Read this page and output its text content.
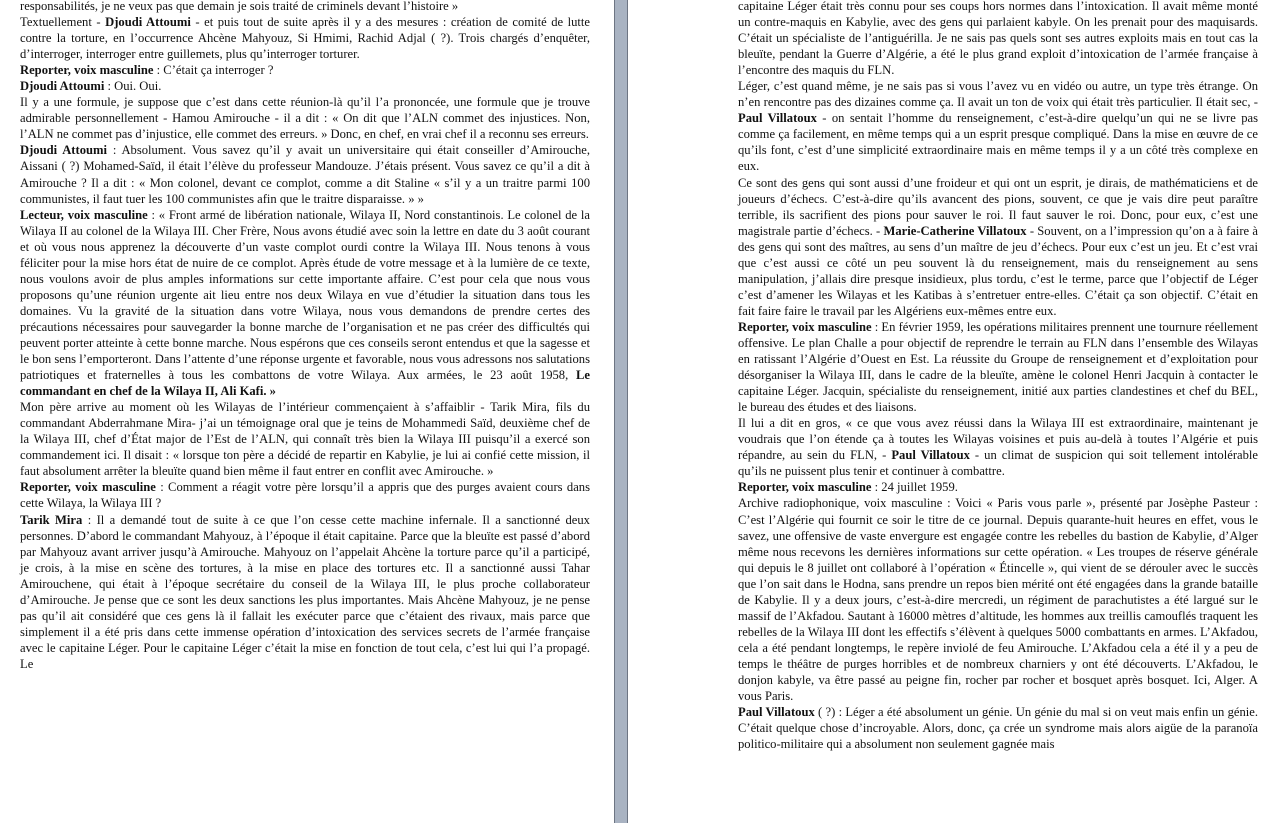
responsabilités, je ne veux pas que demain je sois traité de criminels devant l’histoire »

Textuellement - Djoudi Attoumi - et puis tout de suite après il y a des mesures : création de comité de lutte contre la torture, en l’occurrence Ahcène Mahyouz, Si Hmimi, Rachid Adjal ( ?). Trois chargés d’enquêter, d’interroger, interroger entre guillemets, plus qu’interroger torturer.

Reporter, voix masculine : C’était ça interroger ?

Djoudi Attoumi : Oui. Oui.

Il y a une formule, je suppose que c’est dans cette réunion-là qu’il l’a prononcée, une formule que je trouve admirable personnellement - Hamou Amirouche - il a dit : « On dit que l’ALN commet des injustices. Non, l’ALN ne commet pas d’injustice, elle commet des erreurs. » Donc, en chef, en vrai chef il a reconnu ses erreurs.

Djoudi Attoumi : Absolument. Vous savez qu’il y avait un universitaire qui était conseiller d’Amirouche, Aissani ( ?) Mohamed-Saïd, il était l’élève du professeur Mandouze. J’étais présent. Vous savez ce qu’il a dit à Amirouche ? Il a dit : « Mon colonel, devant ce complot, comme a dit Staline « s’il y a un traitre parmi 100 communistes, il faut tuer les 100 communistes afin que le traitre disparaisse. » »

Lecteur, voix masculine : « Front armé de libération nationale, Wilaya II, Nord constantinois. Le colonel de la Wilaya II au colonel de la Wilaya III. Cher Frère, Nous avons étudié avec soin la lettre en date du 3 août courant et où vous nous apprenez la découverte d’un vaste complot ourdi contre la Wilaya III. Nous tenons à vous féliciter pour la mise hors état de nuire de ce complot. Après étude de votre message et à la lumière de ce texte, nous voulons avoir de plus amples informations sur cette importante affaire. C’est pour cela que nous vous proposons qu’une réunion urgente ait lieu entre nos deux Wilaya en vue d’étudier la situation dans tous les domaines. Vu la gravité de la situation dans votre Wilaya, nous vous demandons de prendre certes des précautions nécessaires pour sauvegarder la bonne marche de l’organisation et ne pas créer des difficultés qui peuvent porter atteinte à cette bonne marche. Nous espérons que ces conseils seront entendus et que la sagesse et le bon sens l’emporteront. Dans l’attente d’une réponse urgente et favorable, nous vous adressons nos salutations patriotiques et fraternelles à tous les combattons de votre Wilaya. Aux armées, le 23 août 1958, Le commandant en chef de la Wilaya II, Ali Kafi. »

Mon père arrive au moment où les Wilayas de l’intérieur commençaient à s’affaiblir - Tarik Mira, fils du commandant Abderrahmane Mira- j’ai un témoignage oral que je teins de Mohammedi Saïd, deuxième chef de la Wilaya III, chef d’État major de l’Est de l’ALN, qui connaît très bien la Wilaya III puisqu’il a exercé son commandement ici. Il disait : « lorsque ton père a décidé de repartir en Kabylie, je lui ai confié cette mission, il faut absolument arrêter la bleuïte quand bien même il faut entrer en conflit avec Amirouche. »

Reporter, voix masculine : Comment a réagit votre père lorsqu’il a appris que des purges avaient cours dans cette Wilaya, la Wilaya III ?

Tarik Mira : Il a demandé tout de suite à ce que l’on cesse cette machine infernale. Il a sanctionné deux personnes. D’abord le commandant Mahyouz, à l’époque il était capitaine. Parce que la bleuïte est passé d’abord par Mahyouz avant arriver jusqu’à Amirouche. Mahyouz on l’appelait Ahcène la torture parce qu’il a participé, je crois, à la mise en scène des tortures, à la mise en place des tortures etc. Il a sanctionné aussi Tahar Amirouchene, qui était à l’époque secrétaire du conseil de la Wilaya III, le plus proche collaborateur d’Amirouche. Je pense que ce sont les deux sanctions les plus importantes. Mais Ahcène Mahyouz, je ne pense pas qu’il ait considéré que ces gens là il fallait les exécuter parce que c’étaient des rivaux, mais parce que simplement il a été pris dans cette immense opération d’intoxication des services secrets de l’armée française avec le capitaine Léger. Pour le capitaine Léger c’était la mise en fonction de tout cela, c’est lui qui l’a propagé. Le

capitaine Léger était très connu pour ses coups hors normes dans l’intoxication. Il avait même monté un contre-maquis en Kabylie, avec des gens qui parlaient kabyle. On les prenait pour des maquisards. C’était un spécialiste de l’antiguérilla. Je ne sais pas quels sont ses autres exploits mais en tout cas la bleuïte, pendant la Guerre d’Algérie, a été le plus grand exploit d’intoxication de l’armée française à l’encontre des maquis du FLN.

Léger, c’est quand même, je ne sais pas si vous l’avez vu en vidéo ou autre, un type très étrange. On n’en rencontre pas des dizaines comme ça. Il avait un ton de voix qui était très particulier. Il était sec, - Paul Villatoux - on sentait l’homme du renseignement, c’est-à-dire quelqu’un qui ne se livre pas comme ça facilement, en même temps qui a un esprit presque compliqué. Dans la mise en œuvre de ce qu’ils font, c’est d’une simplicité extraordinaire mais en même temps il y a un côté très complexe en eux.

Ce sont des gens qui sont aussi d’une froideur et qui ont un esprit, je dirais, de mathématiciens et de joueurs d’échecs. C’est-à-dire qu’ils avancent des pions, souvent, ce que je vais dire peut paraître terrible, ils sacrifient des pions pour sauver le roi. Il faut sauver le roi. Donc, pour eux, c’est une magistrale partie d’échecs. - Marie-Catherine Villatoux - Souvent, on a l’impression qu’on a à faire à des gens qui sont des maîtres, au sens d’un maître de jeu d’échecs. Pour eux c’est un jeu. Et c’est vrai que c’est aussi ce côté un peu souvent là du renseignement, mais du renseignement au sens manipulation, j’allais dire presque insidieux, plus tordu, c’est le terme, parce que l’objectif de Léger c’est d’amener les Wilayas et les Katibas à s’entretuer entre-elles. C’était ça son objectif. C’était en fait faire faire le travail par les Algériens eux-mêmes entre eux.

Reporter, voix masculine : En février 1959, les opérations militaires prennent une tournure réellement offensive. Le plan Challe a pour objectif de reprendre le terrain au FLN dans l’ensemble des Wilayas en ratissant l’Algérie d’Ouest en Est. La réussite du Groupe de renseignement et d’exploitation pour désorganiser la Wilaya III, dans le cadre de la bleuïte, amène le colonel Henri Jacquin à contacter le capitaine Léger. Jacquin, spécialiste du renseignement, initié aux parties clandestines et chef du BEL, le bureau des études et des liaisons.

Il lui a dit en gros, « ce que vous avez réussi dans la Wilaya III est extraordinaire, maintenant je voudrais que l’on étende ça à toutes les Wilayas voisines et puis au-delà à toutes l’Algérie et puis répandre, au sein du FLN, - Paul Villatoux - un climat de suspicion qui soit tellement intolérable qu’ils ne puissent plus tenir et continuer à combattre.

Reporter, voix masculine : 24 juillet 1959.

Archive radiophonique, voix masculine : Voici « Paris vous parle », présenté par Josèphe Pasteur : C’est l’Algérie qui fournit ce soir le titre de ce journal. Depuis quarante-huit heures en effet, vous le savez, une offensive de vaste envergure est engagée contre les rebelles du bastion de Kabylie, d’Alger même nous recevons les dernières informations sur cette opération. « Les troupes de réserve générale qui depuis le 8 juillet ont collaboré à l’opération « Étincelle », qui vient de se dérouler avec le succès que l’on sait dans le Hodna, sans prendre un repos bien mérité ont été engagées dans la grande bataille de Kabylie. Il y a deux jours, c’est-à-dire mercredi, un régiment de parachutistes a été largué sur le massif de l’Akfadou. Sautant à 16000 mètres d’altitude, les hommes aux treillis camouflés traquent les rebelles de la Wilaya III dont les effectifs s’élèvent à quelques 5000 combattants en armes. L’Akfadou, cela a été pendant longtemps, le repère inviolé de feu Amirouche. L’Akfadou cela a été il y a peu de temps le théâtre de purges horribles et de nombreux charniers y ont été découverts. L’Akfadou, le donjon kabyle, va être passé au peigne fin, rocher par rocher et bosquet après bosquet. Ici, Alger. A vous Paris.

Paul Villatoux ( ?) : Léger a été absolument un génie. Un génie du mal si on veut mais enfin un génie. C’était quelque chose d’incroyable. Alors, donc, ça crée un syndrome mais alors aigüe de la paranoïa politico-militaire qui a absolument non seulement gagnée mais
